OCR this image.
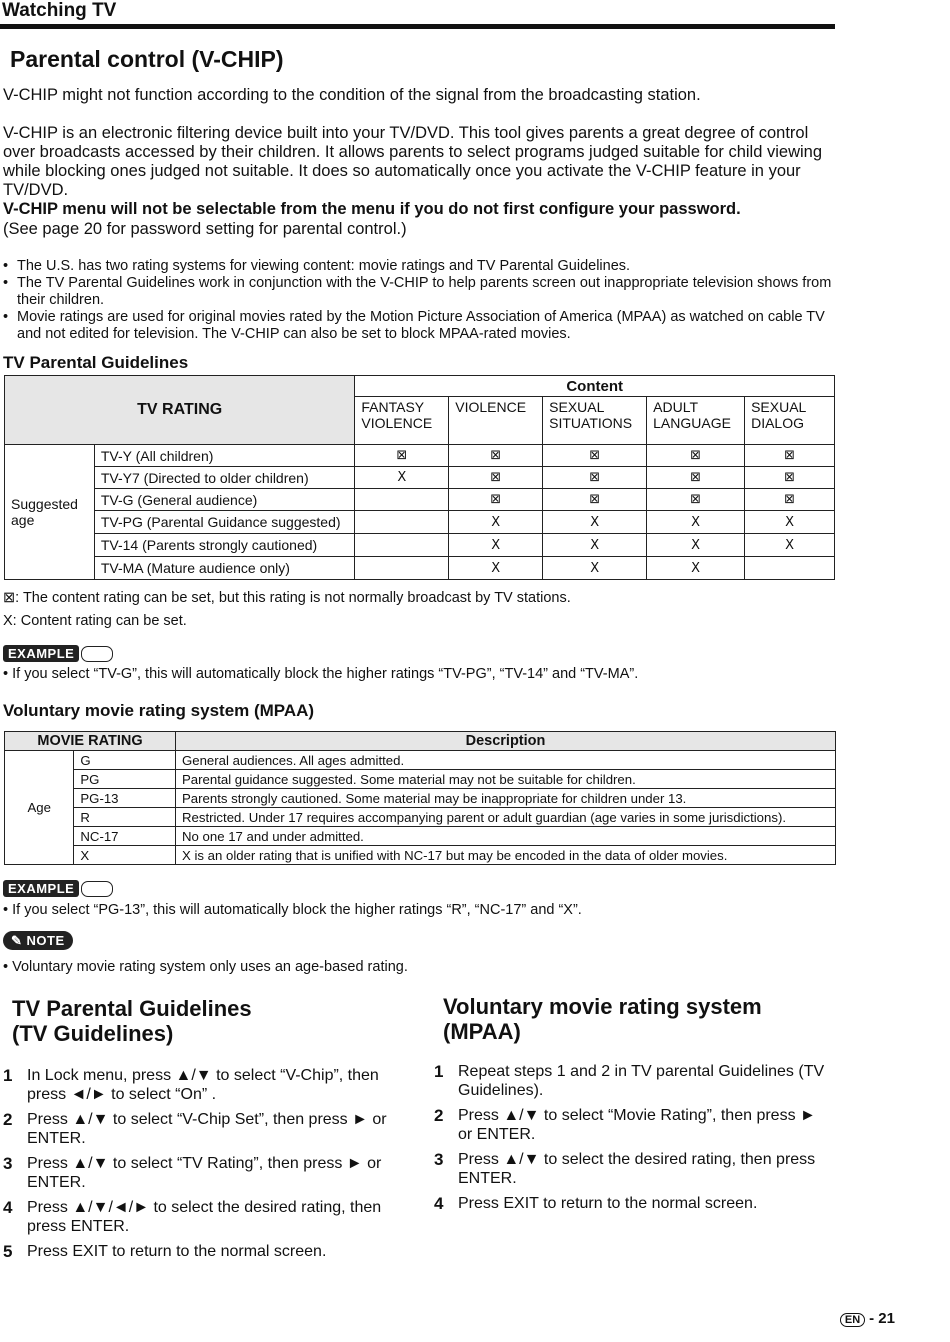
Watching TV
Parental control (V-CHIP)
V-CHIP might not function according to the condition of the signal from the broadcasting station.
V-CHIP is an electronic filtering device built into your TV/DVD. This tool gives parents a great degree of control over broadcasts accessed by their children. It allows parents to select programs judged suitable for child viewing while blocking ones judged not suitable. It does so automatically once you activate the V-CHIP feature in your TV/DVD.
V-CHIP menu will not be selectable from the menu if you do not first configure your password.
(See page 20 for password setting for parental control.)
• The U.S. has two rating systems for viewing content: movie ratings and TV Parental Guidelines.
• The TV Parental Guidelines work in conjunction with the V-CHIP to help parents screen out inappropriate television shows from their children.
• Movie ratings are used for original movies rated by the Motion Picture Association of America (MPAA) as watched on cable TV and not edited for television. The V-CHIP can also be set to block MPAA-rated movies.
TV Parental Guidelines
TV RATING		Content				
		FANTASY VIOLENCE	VIOLENCE	SEXUAL SITUATIONS	ADULT LANGUAGE	SEXUAL DIALOG
Suggested age	TV-Y (All children)	⊠	⊠	⊠	⊠	⊠
	TV-Y7 (Directed to older children)	X	⊠	⊠	⊠	⊠
	TV-G (General audience)		⊠	⊠	⊠	⊠
	TV-PG (Parental Guidance suggested)		X	X	X	X
	TV-14 (Parents strongly cautioned)		X	X	X	X
	TV-MA (Mature audience only)		X	X	X	
⊠: The content rating can be set, but this rating is not normally broadcast by TV stations.
X: Content rating can be set.
EXAMPLE
• If you select “TV-G”, this will automatically block the higher ratings “TV-PG”, “TV-14” and “TV-MA”.
Voluntary movie rating system (MPAA)
MOVIE RATING		Description
Age	G	General audiences. All ages admitted.
	PG	Parental guidance suggested. Some material may not be suitable for children.
	PG-13	Parents strongly cautioned. Some material may be inappropriate for children under 13.
	R	Restricted. Under 17 requires accompanying parent or adult guardian (age varies in some jurisdictions).
	NC-17	No one 17 and under admitted.
	X	X is an older rating that is unified with NC-17 but may be encoded in the data of older movies.
EXAMPLE
• If you select “PG-13”, this will automatically block the higher ratings “R”, “NC-17” and “X”.
✎ NOTE
• Voluntary movie rating system only uses an age-based rating.
TV Parental Guidelines
(TV Guidelines)
1 In Lock menu, press ▲/▼ to select “V-Chip”, then press ◄/► to select “On” .
2 Press ▲/▼ to select “V-Chip Set”, then press ► or ENTER.
3 Press ▲/▼ to select “TV Rating”, then press ► or ENTER.
4 Press ▲/▼/◄/► to select the desired rating, then press ENTER.
5 Press EXIT to return to the normal screen.
Voluntary movie rating system
(MPAA)
1 Repeat steps 1 and 2 in TV parental Guidelines (TV Guidelines).
2 Press ▲/▼ to select “Movie Rating”, then press ► or ENTER.
3 Press ▲/▼ to select the desired rating, then press ENTER.
4 Press EXIT to return to the normal screen.
EN - 21
